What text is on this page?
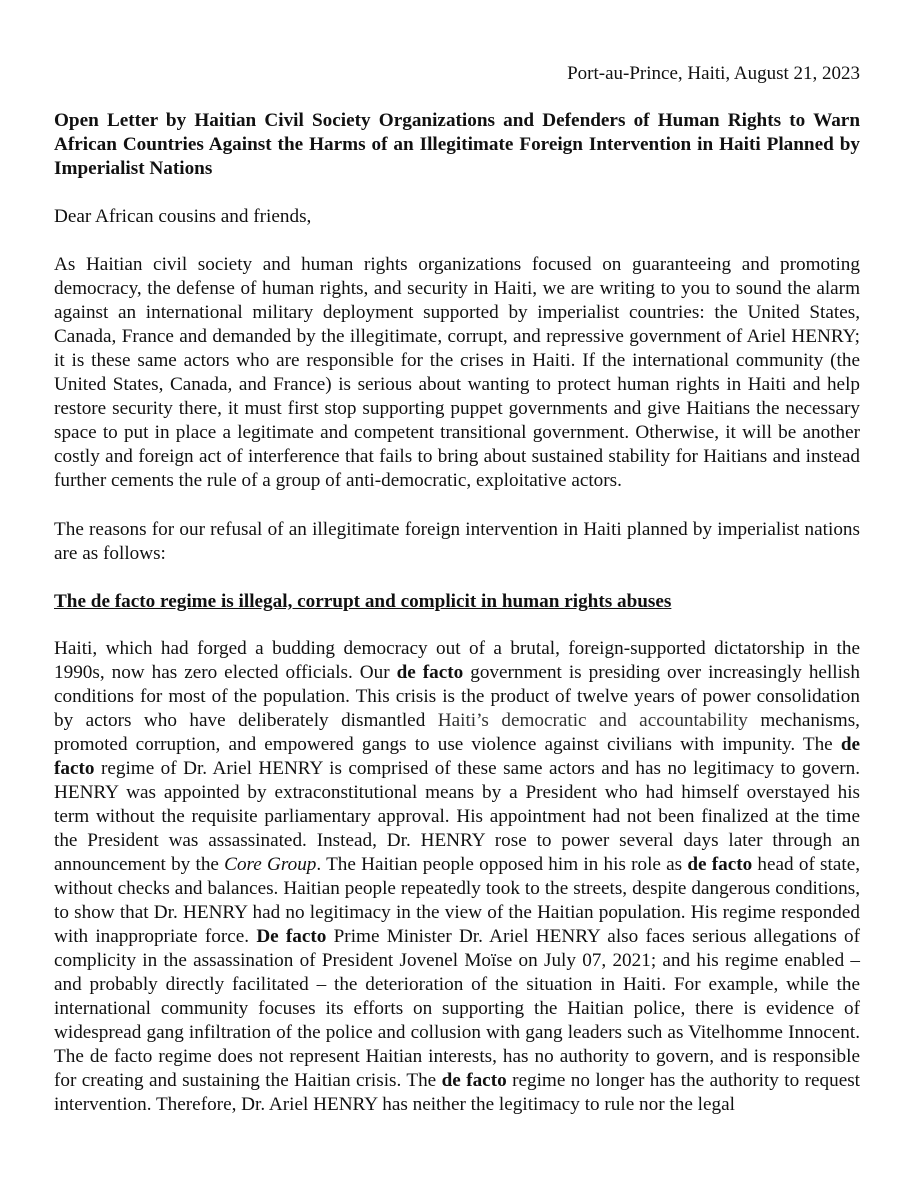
Port-au-Prince, Haiti, August 21, 2023

Open Letter by Haitian Civil Society Organizations and Defenders of Human Rights to Warn African Countries Against the Harms of an Illegitimate Foreign Intervention in Haiti Planned by Imperialist Nations

Dear African cousins and friends,

As Haitian civil society and human rights organizations focused on guaranteeing and promoting democracy, the defense of human rights, and security in Haiti, we are writing to you to sound the alarm against an international military deployment supported by imperialist countries: the United States, Canada, France and demanded by the illegitimate, corrupt, and repressive government of Ariel HENRY; it is these same actors who are responsible for the crises in Haiti. If the international community (the United States, Canada, and France) is serious about wanting to protect human rights in Haiti and help restore security there, it must first stop supporting puppet governments and give Haitians the necessary space to put in place a legitimate and competent transitional government. Otherwise, it will be another costly and foreign act of interference that fails to bring about sustained stability for Haitians and instead further cements the rule of a group of anti-democratic, exploitative actors.

The reasons for our refusal of an illegitimate foreign intervention in Haiti planned by imperialist nations are as follows:

The de facto regime is illegal, corrupt and complicit in human rights abuses

Haiti, which had forged a budding democracy out of a brutal, foreign-supported dictatorship in the 1990s, now has zero elected officials. Our de facto government is presiding over increasingly hellish conditions for most of the population. This crisis is the product of twelve years of power consolidation by actors who have deliberately dismantled Haiti’s democratic and accountability mechanisms, promoted corruption, and empowered gangs to use violence against civilians with impunity. The de facto regime of Dr. Ariel HENRY is comprised of these same actors and has no legitimacy to govern. HENRY was appointed by extraconstitutional means by a President who had himself overstayed his term without the requisite parliamentary approval. His appointment had not been finalized at the time the President was assassinated. Instead, Dr. HENRY rose to power several days later through an announcement by the Core Group. The Haitian people opposed him in his role as de facto head of state, without checks and balances. Haitian people repeatedly took to the streets, despite dangerous conditions, to show that Dr. HENRY had no legitimacy in the view of the Haitian population. His regime responded with inappropriate force. De facto Prime Minister Dr. Ariel HENRY also faces serious allegations of complicity in the assassination of President Jovenel Moïse on July 07, 2021; and his regime enabled – and probably directly facilitated – the deterioration of the situation in Haiti. For example, while the international community focuses its efforts on supporting the Haitian police, there is evidence of widespread gang infiltration of the police and collusion with gang leaders such as Vitelhomme Innocent. The de facto regime does not represent Haitian interests, has no authority to govern, and is responsible for creating and sustaining the Haitian crisis. The de facto regime no longer has the authority to request intervention. Therefore, Dr. Ariel HENRY has neither the legitimacy to rule nor the legal
